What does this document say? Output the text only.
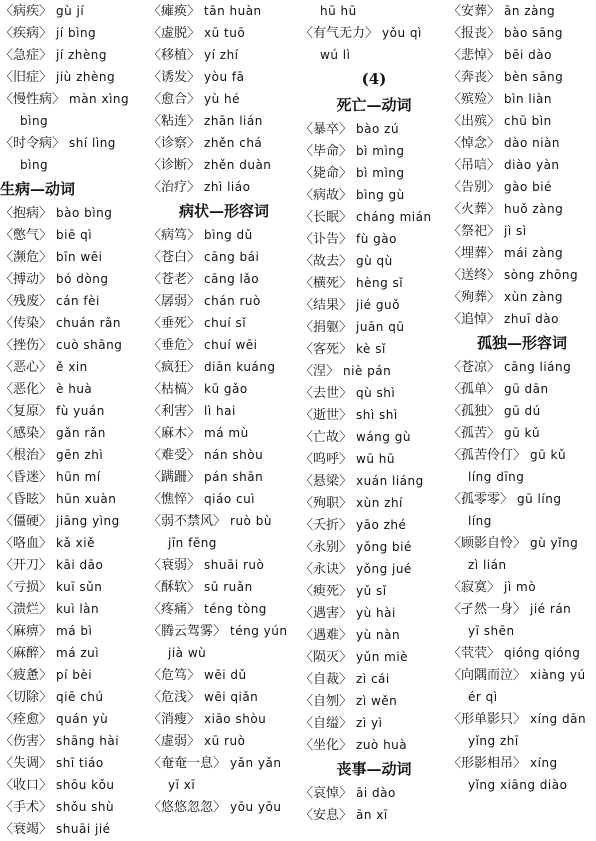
〈病疾〉 gù jí
〈疾病〉 jí bìng
〈急症〉 jí zhèng
〈旧症〉 jiù zhèng
〈慢性病〉 màn xìng
bìng
〈时令病〉 shí lìng
bìng
生病—动词
〈抱病〉 bào bìng
〈憋气〉 biē qì
〈濒危〉 bīn wēi
〈搏动〉 bó dòng
〈残废〉 cán fèi
〈传染〉 chuán rǎn
〈挫伤〉 cuò shāng
〈恶心〉 ě xin
〈恶化〉 è huà
〈复原〉 fù yuán
〈感染〉 gǎn rǎn
〈根治〉 gēn zhì
〈昏迷〉 hūn mí
〈昏眩〉 hūn xuàn
〈僵硬〉 jiāng yìng
〈咯血〉 kǎ xiě
〈开刀〉 kāi dāo
〈亏损〉 kuī sǔn
〈溃烂〉 kuì làn
〈麻痹〉 má bì
〈麻醉〉 má zuì
〈疲惫〉 pí bèi
〈切除〉 qiē chú
〈痊愈〉 quán yù
〈伤害〉 shāng hài
〈失调〉 shī tiáo
〈收口〉 shōu kǒu
〈手术〉 shǒu shù
〈衰竭〉 shuāi jié
〈瘫痪〉 tān huàn
〈虚脱〉 xū tuō
〈移植〉 yí zhí
〈诱发〉 yòu fā
〈愈合〉 yù hé
〈粘连〉 zhān lián
〈诊察〉 zhěn chá
〈诊断〉 zhěn duàn
〈治疗〉 zhì liáo
病状—形容词
〈病笃〉 bìng dǔ
〈苍白〉 cāng bái
〈苍老〉 cāng lǎo
〈孱弱〉 chán ruò
〈垂死〉 chuí sǐ
〈垂危〉 chuí wēi
〈疯狂〉 diān kuáng
〈枯槁〉 kū gǎo
〈利害〉 lì hai
〈麻木〉 má mù
〈难受〉 nán shòu
〈蹒跚〉 pán shān
〈憔悴〉 qiáo cuì
〈弱不禁风〉 ruò bù
jīn fēng
〈衰弱〉 shuāi ruò
〈酥软〉 sū ruǎn
〈疼痛〉 téng tòng
〈腾云驾雾〉 téng yún
jià wù
〈危笃〉 wēi dǔ
〈危浅〉 wēi qiǎn
〈消瘦〉 xiāo shòu
〈虚弱〉 xū ruò
〈奄奄一息〉 yǎn yǎn
yī xī
〈悠悠忽忽〉 yōu yōu
hū hū
〈有气无力〉 yǒu qì
wú lì
(4)
死亡—动词
〈暴卒〉 bào zú
〈毕命〉 bì mìng
〈毙命〉 bì mìng
〈病故〉 bìng gù
〈长眠〉 cháng mián
〈讣告〉 fù gào
〈故去〉 gù qù
〈横死〉 hèng sǐ
〈结果〉 jié guǒ
〈捐躯〉 juān qū
〈客死〉 kè sǐ
〈涅〉 niè pán
〈去世〉 qù shì
〈逝世〉 shì shì
〈亡故〉 wáng gù
〈呜呼〉 wū hū
〈悬梁〉 xuán liáng
〈殉职〉 xùn zhí
〈夭折〉 yāo zhé
〈永别〉 yǒng bié
〈永诀〉 yǒng jué
〈瘐死〉 yǔ sǐ
〈遇害〉 yù hài
〈遇难〉 yù nàn
〈陨灭〉 yǔn miè
〈自裁〉 zì cái
〈自刎〉 zì wěn
〈自缢〉 zì yì
〈坐化〉 zuò huà
丧事—动词
〈哀悼〉 āi dào
〈安息〉 ān xī
〈安葬〉 ān zàng
〈报丧〉 bào sāng
〈悲悼〉 bēi dào
〈奔丧〉 bèn sāng
〈殡殓〉 bìn liàn
〈出殡〉 chū bìn
〈悼念〉 dào niàn
〈吊唁〉 diào yàn
〈告别〉 gào bié
〈火葬〉 huǒ zàng
〈祭祀〉 jì sì
〈埋葬〉 mái zàng
〈送终〉 sòng zhōng
〈殉葬〉 xùn zàng
〈追悼〉 zhuī dào
孤独—形容词
〈苍凉〉 cāng liáng
〈孤单〉 gū dān
〈孤独〉 gū dú
〈孤苦〉 gū kǔ
〈孤苦伶仃〉 gū kǔ
líng dīng
〈孤零零〉 gū líng
líng
〈顾影自怜〉 gù yǐng
zì lián
〈寂寞〉 jì mò
〈孑然一身〉 jié rán
yī shēn
〈茕茕〉 qióng qióng
〈向隅而泣〉 xiàng yú
ér qì
〈形单影只〉 xíng dān
yǐng zhī
〈形影相吊〉 xíng
yǐng xiāng diào
